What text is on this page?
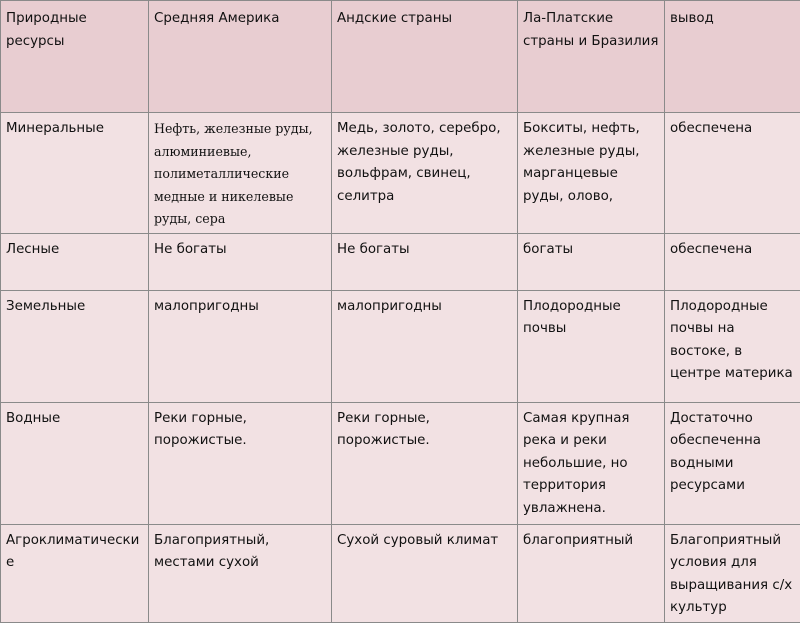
Природные ресурсы	Средняя Америка	Андские страны	Ла-Платские страны и Бразилия	вывод
Минеральные	Нефть, железные руды, алюминиевые, полиметаллические медные и никелевые руды, сера	Медь, золото, серебро, железные руды, вольфрам, свинец, селитра	Бокситы, нефть, железные руды, марганцевые руды, олово,	обеспечена
Лесные	Не богаты	Не богаты	богаты	обеспечена
Земельные	малопригодны	малопригодны	Плодородные почвы	Плодородные почвы на востоке, в центре материка
Водные	Реки горные, порожистые.	Реки горные, порожистые.	Самая крупная река и реки небольшие, но территория увлажнена.	Достаточно обеспеченна водными ресурсами
Агроклиматические	Благоприятный, местами сухой	Сухой суровый климат	благоприятный	Благоприятный условия для выращивания с/х культур
